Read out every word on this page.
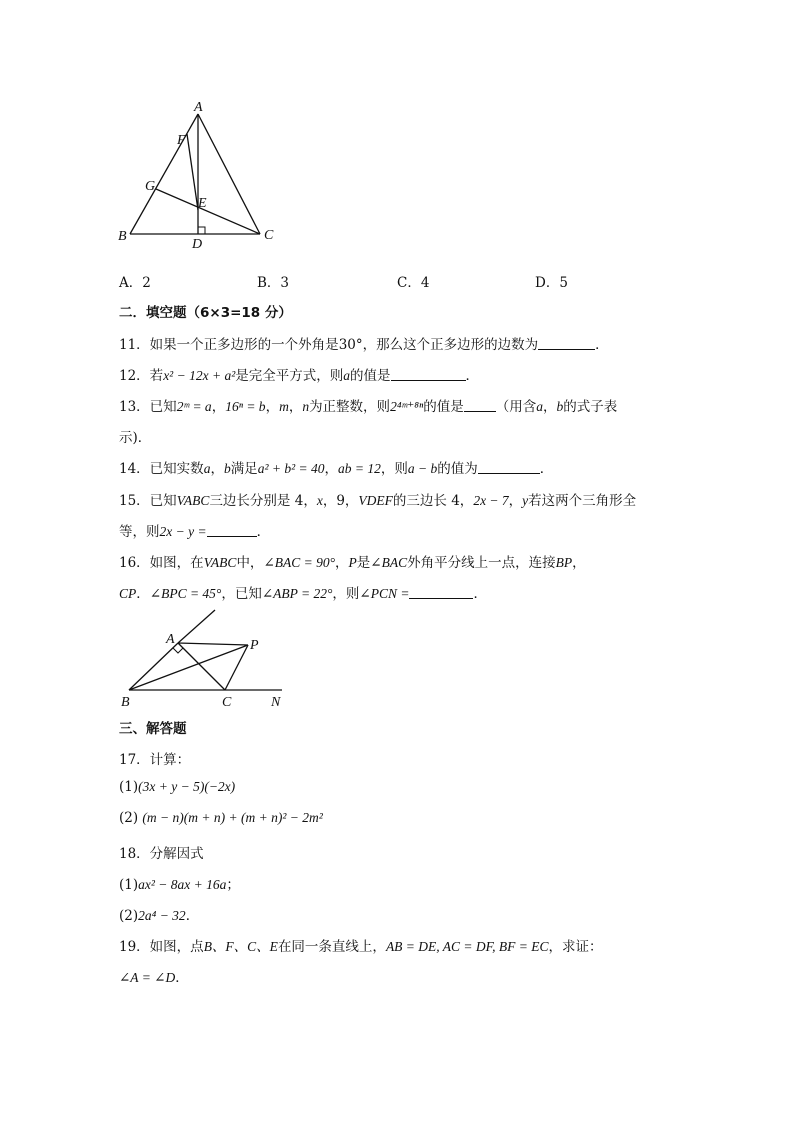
A
F
G
E
B
D
C
A．2	B．3	C．4	D．5
二．填空题（6×3=18 分）
11．如果一个正多边形的一个外角是30°，那么这个正多边形的边数为	．
12．若x² − 12x + a²是完全平方式，则a的值是	．
13．已知2ᵐ = a，16ⁿ = b，m，n为正整数，则2⁴ᵐ⁺⁸ⁿ的值是 （用含a，b的式子表
示)．
14．已知实数a，b满足a² + b² = 40，ab = 12，则a − b的值为	．
15．已知VABC三边长分别是 4，x，9，VDEF的三边长 4，2x − 7，y若这两个三角形全
等，则2x − y =	．
16．如图，在VABC中，∠BAC = 90°，P是∠BAC外角平分线上一点，连接BP，
CP．∠BPC = 45°，已知∠ABP = 22°，则∠PCN =	．
A	P
B	C	N
三、解答题
17．计算：
(1)(3x + y − 5)(−2x)
(2) (m − n)(m + n) + (m + n)² − 2m²
18．分解因式
(1)ax² − 8ax + 16a；
(2)2a⁴ − 32．
19．如图，点B、F、C、E在同一条直线上，AB = DE, AC = DF, BF = EC，求证：
∠A = ∠D．
